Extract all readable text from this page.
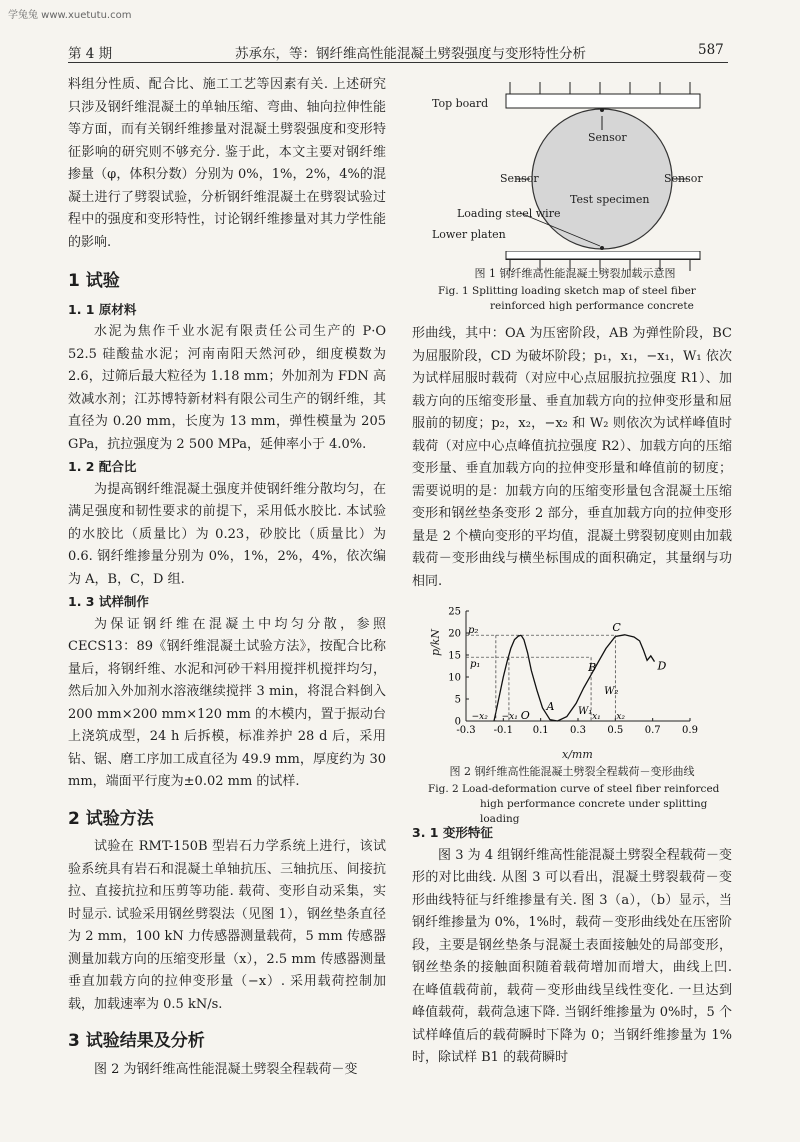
学兔兔 www.xuetutu.com
第 4 期	苏承东，等：钢纤维高性能混凝土劈裂强度与变形特性分析	587

料组分性质、配合比、施工工艺等因素有关. 上述研究只涉及钢纤维混凝土的单轴压缩、弯曲、轴向拉伸性能等方面，而有关钢纤维掺量对混凝土劈裂强度和变形特征影响的研究则不够充分. 鉴于此，本文主要对钢纤维掺量（φ，体积分数）分别为 0%，1%，2%，4%的混凝土进行了劈裂试验，分析钢纤维混凝土在劈裂试验过程中的强度和变形特性，讨论钢纤维掺量对其力学性能的影响.

1 试验
1. 1 原材料

水泥为焦作千业水泥有限责任公司生产的 P·O 52.5 硅酸盐水泥；河南南阳天然河砂，细度模数为 2.6，过筛后最大粒径为 1.18 mm；外加剂为 FDN 高效减水剂；江苏博特新材料有限公司生产的钢纤维，其直径为 0.20 mm，长度为 13 mm，弹性模量为 205 GPa，抗拉强度为 2 500 MPa，延伸率小于 4.0%.

1. 2 配合比

为提高钢纤维混凝土强度并使钢纤维分散均匀，在满足强度和韧性要求的前提下，采用低水胶比. 本试验的水胶比（质量比）为 0.23，砂胶比（质量比）为 0.6. 钢纤维掺量分别为 0%，1%，2%，4%，依次编为 A，B，C，D 组.

1. 3 试样制作

为保证钢纤维在混凝土中均匀分散，参照 CECS13：89《钢纤维混凝土试验方法》，按配合比称量后，将钢纤维、水泥和河砂干料用搅拌机搅拌均匀，然后加入外加剂水溶液继续搅拌 3 min，将混合料倒入 200 mm×200 mm×120 mm 的木模内，置于振动台上浇筑成型，24 h 后拆模，标准养护 28 d 后，采用钻、锯、磨工序加工成直径为 49.9 mm，厚度约为 30 mm，端面平行度为±0.02 mm 的试样.

2 试验方法

试验在 RMT-150B 型岩石力学系统上进行，该试验系统具有岩石和混凝土单轴抗压、三轴抗压、间接抗拉、直接抗拉和压剪等功能. 载荷、变形自动采集，实时显示. 试验采用钢丝劈裂法（见图 1），钢丝垫条直径为 2 mm，100 kN 力传感器测量载荷，5 mm 传感器测量加载方向的压缩变形量（x），2.5 mm 传感器测量垂直加载方向的拉伸变形量（−x）. 采用载荷控制加载，加载速率为 0.5 kN/s.

3 试验结果及分析

图 2 为钢纤维高性能混凝土劈裂全程载荷－变

Top board
Sensor
Sensor	Sensor
Test specimen
Loading steel wire
Lower platen
图 1 钢纤维高性能混凝土劈裂加载示意图
Fig. 1 Splitting loading sketch map of steel fiber
reinforced high performance concrete

形曲线，其中：OA 为压密阶段，AB 为弹性阶段，BC 为屈服阶段，CD 为破坏阶段；p₁，x₁，−x₁，W₁ 依次为试样屈服时载荷（对应中心点屈服抗拉强度 R1）、加载方向的压缩变形量、垂直加载方向的拉伸变形量和屈服前的韧度；p₂，x₂，−x₂ 和 W₂ 则依次为试样峰值时载荷（对应中心点峰值抗拉强度 R2）、加载方向的压缩变形量、垂直加载方向的拉伸变形量和峰值前的韧度；需要说明的是：加载方向的压缩变形量包含混凝土压缩变形和钢丝垫条变形 2 部分，垂直加载方向的拉伸变形量是 2 个横向变形的平均值，混凝土劈裂韧度则由加载载荷－变形曲线与横坐标围成的面积确定，其量纲与功相同.

-0.3 -0.1 0.1 0.3 0.5 0.7 0.9
0
5
10
15
20
25
p₂
p₁
C
B
A
O
D
W₂
W₁
x₁ x₂
−x₂ −x₁
p/kN
x/mm
图 2 钢纤维高性能混凝土劈裂全程载荷－变形曲线
Fig. 2 Load-deformation curve of steel fiber reinforced
high performance concrete under splitting loading
3. 1 变形特征

图 3 为 4 组钢纤维高性能混凝土劈裂全程载荷－变形的对比曲线. 从图 3 可以看出，混凝土劈裂载荷－变形曲线特征与纤维掺量有关. 图 3（a），（b）显示，当钢纤维掺量为 0%，1%时，载荷－变形曲线处在压密阶段，主要是钢丝垫条与混凝土表面接触处的局部变形，钢丝垫条的接触面积随着载荷增加而增大，曲线上凹. 在峰值载荷前，载荷－变形曲线呈线性变化. 一旦达到峰值载荷，载荷急速下降. 当钢纤维掺量为 0%时，5 个试样峰值后的载荷瞬时下降为 0；当钢纤维掺量为 1%时，除试样 B1 的载荷瞬时
